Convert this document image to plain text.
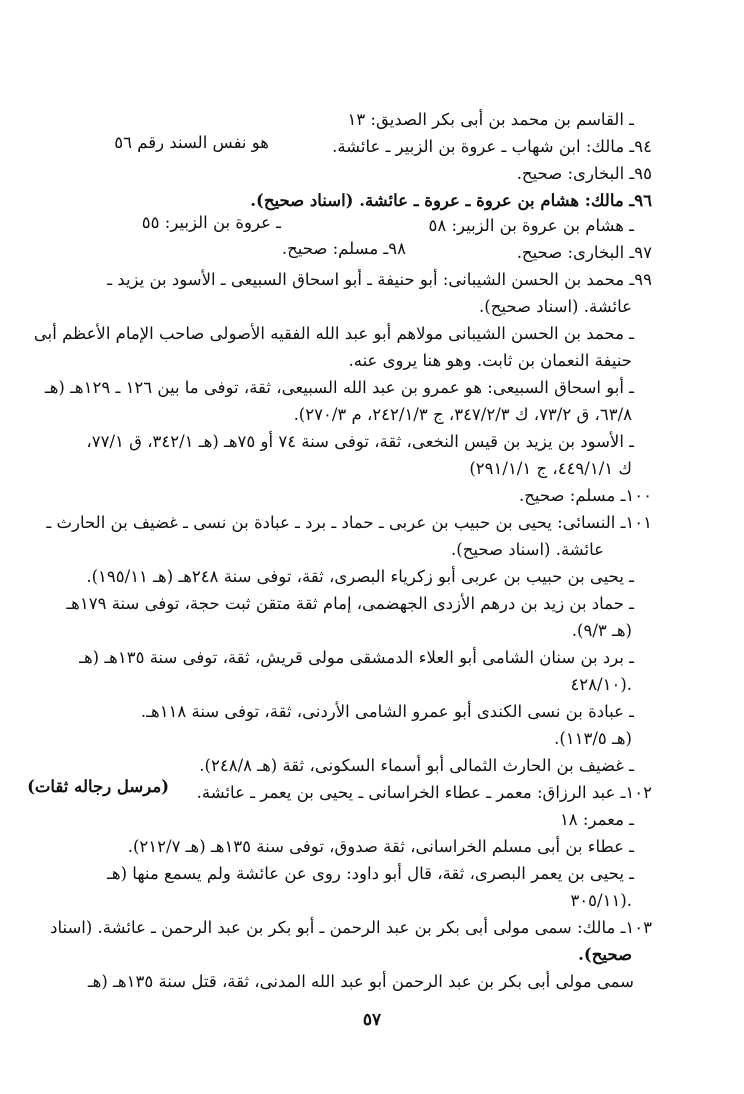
ـ القاسم بن محمد بن أبى بكر الصديق: ١٣
٩٤ـ مالك: ابن شهاب ـ عروة بن الزبير ـ عائشة.
هو نفس السند رقم ٥٦
٩٥ـ البخارى: صحيح.
٩٦ـ مالك: هشام بن عروة ـ عروة ـ عائشة. (اسناد صحيح).
ـ هشام بن عروة بن الزبير: ٥٨
ـ عروة بن الزبير: ٥٥
٩٧ـ البخارى: صحيح.
٩٨ـ مسلم: صحيح.
٩٩ـ محمد بن الحسن الشيبانى: أبو حنيفة ـ أبو اسحاق السبيعى ـ الأسود بن يزيد ـ
عائشة. (اسناد صحيح).
ـ محمد بن الحسن الشيبانى مولاهم أبو عبد الله الفقيه الأصولى صاحب الإمام الأعظم أبى
حنيفة النعمان بن ثابت. وهو هنا يروى عنه.
ـ أبو اسحاق السبيعى: هو عمرو بن عبد الله السبيعى، ثقة، توفى ما بين ١٢٦ ـ ١٢٩هـ (هـ
٦٣/٨، ق ٧٣/٢، ك ٣٤٧/٢/٣، ج ٢٤٢/١/٣، م ٢٧٠/٣).
ـ الأسود بن يزيد بن قيس النخعى، ثقة، توفى سنة ٧٤ أو ٧٥هـ (هـ ٣٤٢/١، ق ٧٧/١،
ك ٤٤٩/١/١، ج ٢٩١/١/١)
١٠٠ـ مسلم: صحيح.
١٠١ـ النسائى: يحيى بن حبيب بن عربى ـ حماد ـ برد ـ عبادة بن نسى ـ غضيف بن الحارث ـ
عائشة. (اسناد صحيح).
ـ يحيى بن حبيب بن عربى أبو زكرياء البصرى، ثقة، توفى سنة ٢٤٨هـ (هـ ١٩٥/١١).
ـ حماد بن زيد بن درهم الأزدى الجهضمى، إمام ثقة متقن ثبت حجة، توفى سنة ١٧٩هـ
(هـ ٩/٣).
ـ برد بن سنان الشامى أبو العلاء الدمشقى مولى قريش، ثقة، توفى سنة ١٣٥هـ (هـ
٤٢٨/١٠).
ـ عبادة بن نسى الكندى أبو عمرو الشامى الأردنى، ثقة، توفى سنة ١١٨هـ.
(هـ ١١٣/٥).
ـ غضيف بن الحارث الثمالى أبو أسماء السكونى، ثقة (هـ ٢٤٨/٨).
١٠٢ـ عبد الرزاق: معمر ـ عطاء الخراسانى ـ يحيى بن يعمر ـ عائشة.
(مرسل رجاله ثقات)
ـ معمر: ١٨
ـ عطاء بن أبى مسلم الخراسانى، ثقة صدوق، توفى سنة ١٣٥هـ (هـ ٢١٢/٧).
ـ يحيى بن يعمر البصرى، ثقة، قال أبو داود: روى عن عائشة ولم يسمع منها (هـ
٣٠٥/١١).
١٠٣ـ مالك: سمى مولى أبى بكر بن عبد الرحمن ـ أبو بكر بن عبد الرحمن ـ عائشة. (اسناد
صحيح).
سمى مولى أبى بكر بن عبد الرحمن أبو عبد الله المدنى، ثقة، قتل سنة ١٣٥هـ (هـ
٥٧
